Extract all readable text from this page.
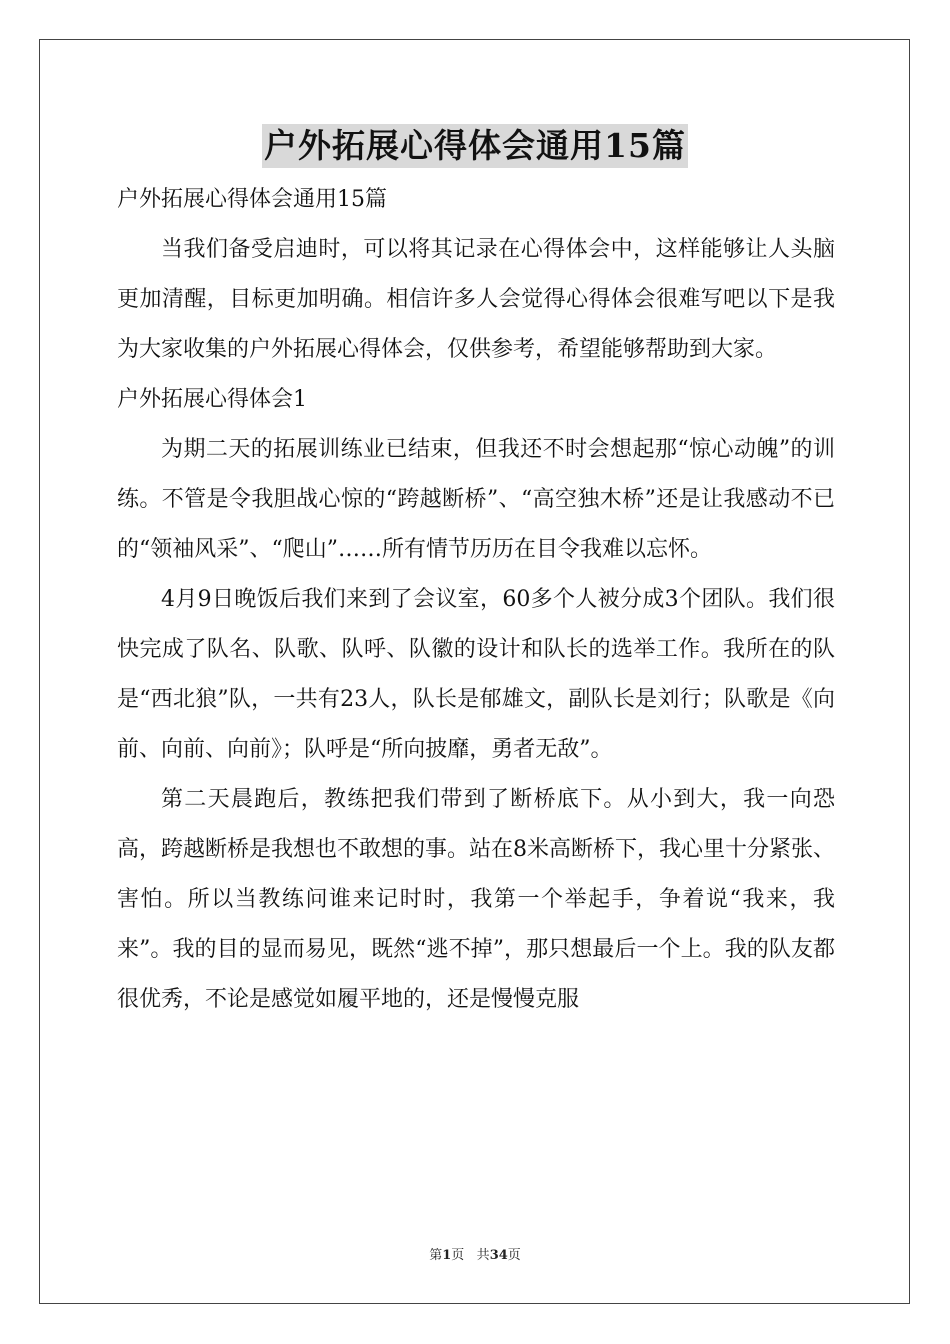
户外拓展心得体会通用15篇

户外拓展心得体会通用15篇

当我们备受启迪时，可以将其记录在心得体会中，这样能够让人头脑更加清醒，目标更加明确。相信许多人会觉得心得体会很难写吧以下是我为大家收集的户外拓展心得体会，仅供参考，希望能够帮助到大家。

户外拓展心得体会1

为期二天的拓展训练业已结束，但我还不时会想起那“惊心动魄”的训练。不管是令我胆战心惊的“跨越断桥”、“高空独木桥”还是让我感动不已的“领袖风采”、“爬山”……所有情节历历在目令我难以忘怀。

4月9日晚饭后我们来到了会议室，60多个人被分成3个团队。我们很快完成了队名、队歌、队呼、队徽的设计和队长的选举工作。我所在的队是“西北狼”队，一共有23人，队长是郁雄文，副队长是刘行；队歌是《向前、向前、向前》；队呼是“所向披靡，勇者无敌”。

第二天晨跑后，教练把我们带到了断桥底下。从小到大，我一向恐高，跨越断桥是我想也不敢想的事。站在8米高断桥下，我心里十分紧张、害怕。所以当教练问谁来记时时，我第一个举起手，争着说“我来，我来”。我的目的显而易见，既然“逃不掉”，那只想最后一个上。我的队友都很优秀，不论是感觉如履平地的，还是慢慢克服

第1页 共34页
